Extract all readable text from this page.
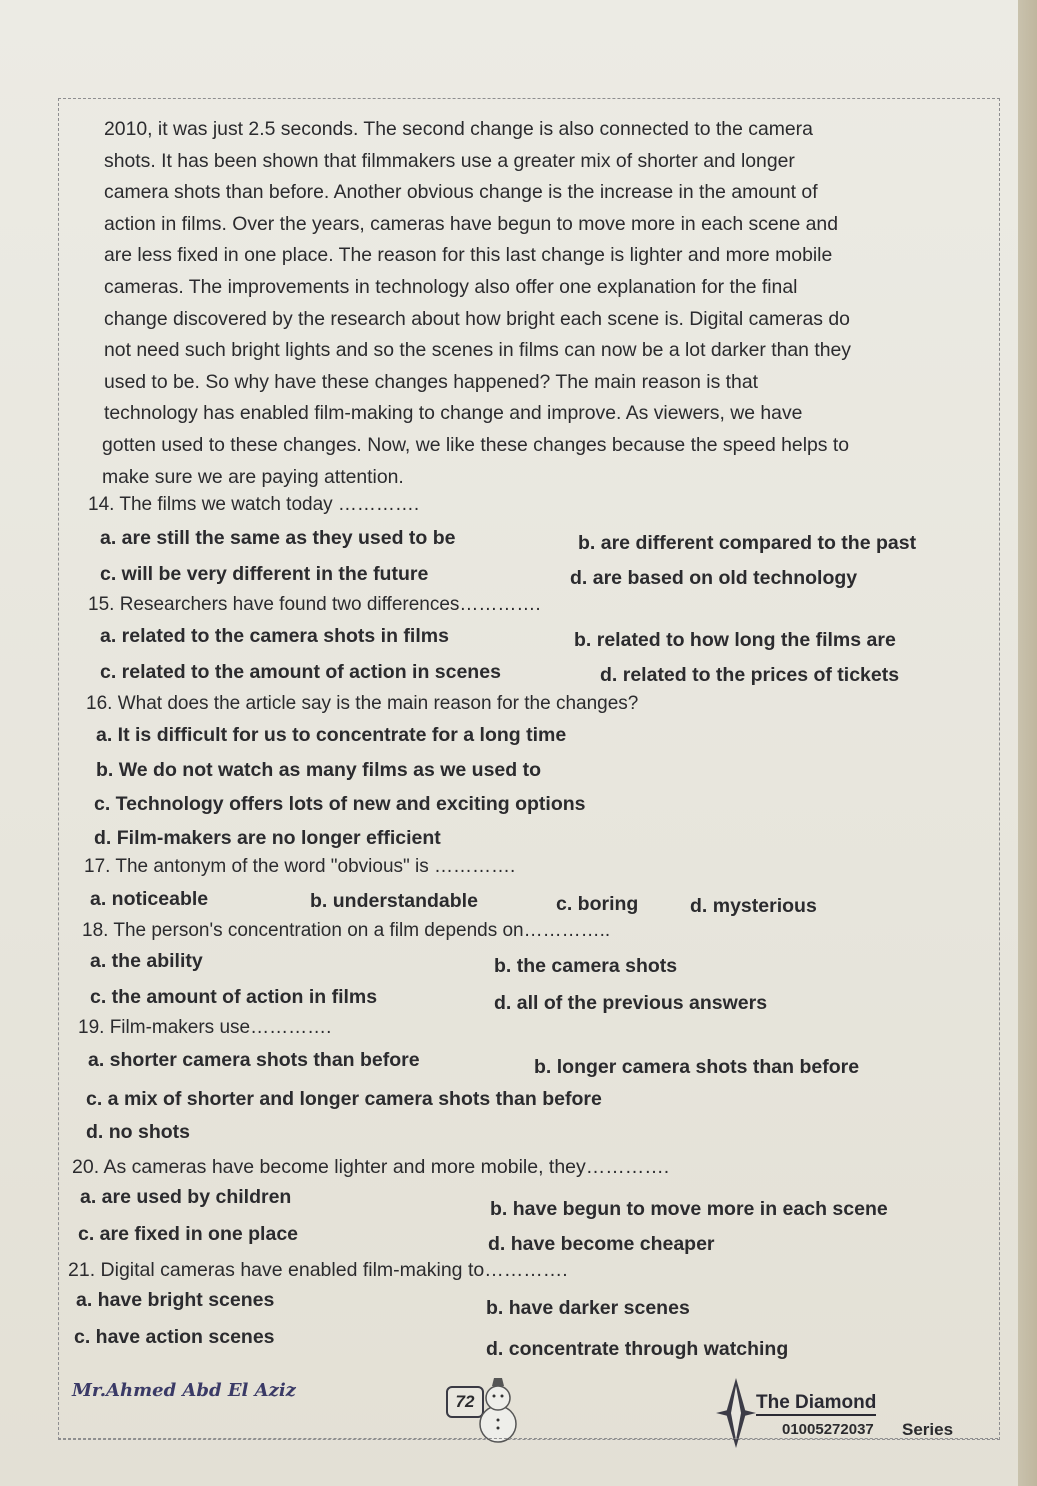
2010, it was just 2.5 seconds. The second change is also connected to the camera
shots. It has been shown that filmmakers use a greater mix of shorter and longer
camera shots than before. Another obvious change is the increase in the amount of
action in films. Over the years, cameras have begun to move more in each scene and
are less fixed in one place. The reason for this last change is lighter and more mobile
cameras. The improvements in technology also offer one explanation for the final
change discovered by the research about how bright each scene is. Digital cameras do
not need such bright lights and so the scenes in films can now be a lot darker than they
used to be. So why have these changes happened? The main reason is that
technology has enabled film-making to change and improve. As viewers, we have
gotten used to these changes. Now, we like these changes because the speed helps to
make sure we are paying attention.
14. The films we watch today ………….
a. are still the same as they used to be	b. are different compared to the past
c. will be very different in the future	d. are based on old technology
15. Researchers have found two differences………….
a. related to the camera shots in films	b. related to how long the films are
c. related to the amount of action in scenes	d. related to the prices of tickets
16. What does the article say is the main reason for the changes?
a. It is difficult for us to concentrate for a long time
b. We do not watch as many films as we used to
c. Technology offers lots of new and exciting options
d. Film-makers are no longer efficient
17. The antonym of the word "obvious" is ………….
a. noticeable	b. understandable	c. boring	d. mysterious
18. The person's concentration on a film depends on…………..
a. the ability	b. the camera shots
c. the amount of action in films	d. all of the previous answers
19. Film-makers use………….
a. shorter camera shots than before	b. longer camera shots than before
c. a mix of shorter and longer camera shots than before
d. no shots
20. As cameras have become lighter and more mobile, they………….
a. are used by children
b. have begun to move more in each scene
c. are fixed in one place	d. have become cheaper
21. Digital cameras have enabled film-making to………….
a. have bright scenes	b. have darker scenes
c. have action scenes
d. concentrate through watching
Mr.Ahmed Abd El Aziz
72	The Diamond
01005272037 Series
